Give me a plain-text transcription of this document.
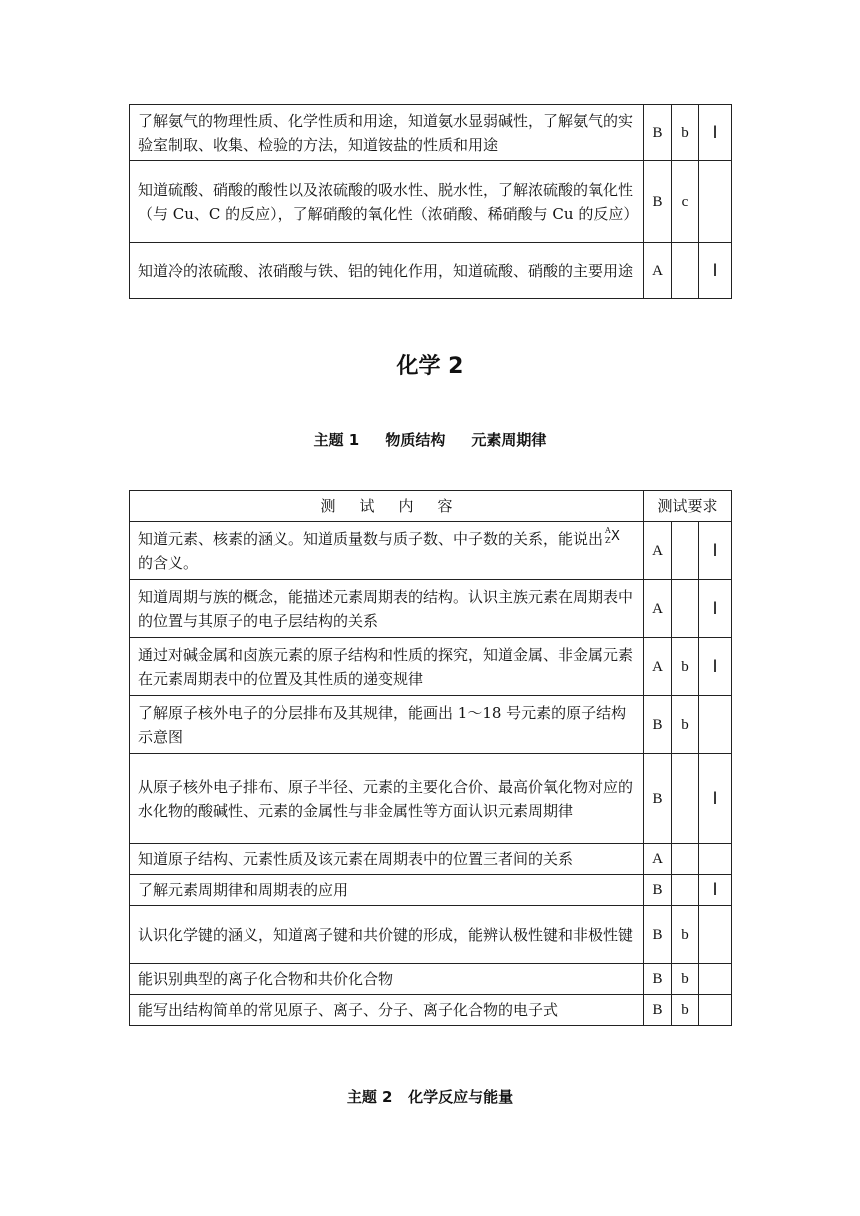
了解氨气的物理性质、化学性质和用途，知道氨水显弱碱性，了解氨气的实验室制取、收集、检验的方法，知道铵盐的性质和用途	B	b	Ⅰ
知道硫酸、硝酸的酸性以及浓硫酸的吸水性、脱水性，了解浓硫酸的氧化性（与 Cu、C 的反应），了解硝酸的氧化性（浓硝酸、稀硝酸与 Cu 的反应）	B	c	
知道冷的浓硫酸、浓硝酸与铁、铝的钝化作用，知道硫酸、硝酸的主要用途	A		Ⅰ
化学 2
主题 1     物质结构     元素周期律
测试内容	测试要求		
知道元素、核素的涵义。知道质量数与质子数、中子数的关系，能说出 A
Z X
的含义。	A		Ⅰ
知道周期与族的概念，能描述元素周期表的结构。认识主族元素在周期表中的位置与其原子的电子层结构的关系	A		Ⅰ
通过对碱金属和卤族元素的原子结构和性质的探究，知道金属、非金属元素在元素周期表中的位置及其性质的递变规律	A	b	Ⅰ
了解原子核外电子的分层排布及其规律，能画出 1～18 号元素的原子结构示意图	B	b	
从原子核外电子排布、原子半径、元素的主要化合价、最高价氧化物对应的水化物的酸碱性、元素的金属性与非金属性等方面认识元素周期律	B		Ⅰ
知道原子结构、元素性质及该元素在周期表中的位置三者间的关系	A		
了解元素周期律和周期表的应用	B		Ⅰ
认识化学键的涵义，知道离子键和共价键的形成，能辨认极性键和非极性键	B	b	
能识别典型的离子化合物和共价化合物	B	b	
能写出结构简单的常见原子、离子、分子、离子化合物的电子式	B	b	
主题 2   化学反应与能量
